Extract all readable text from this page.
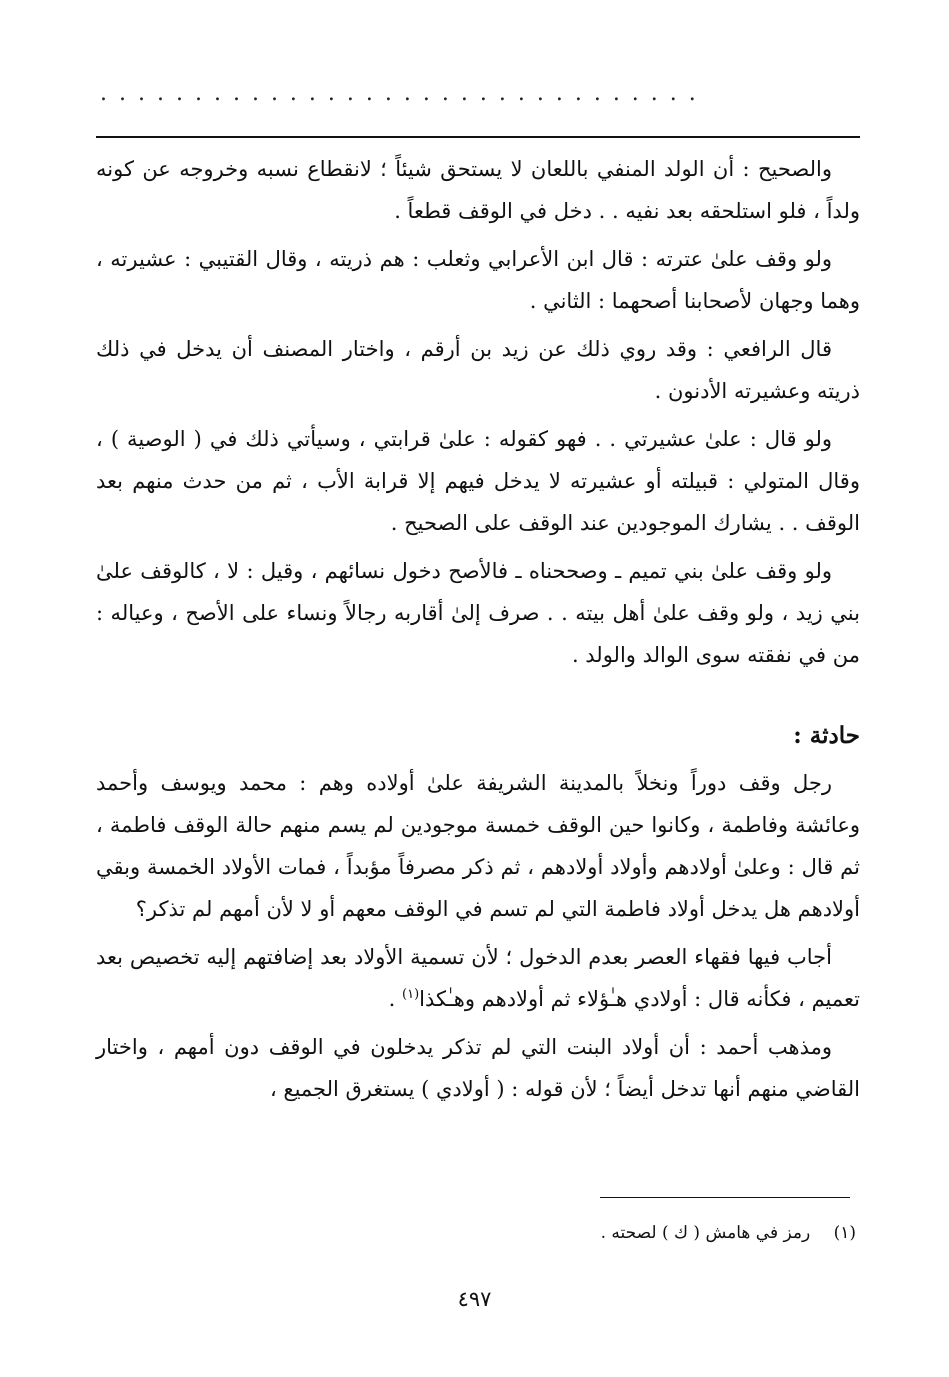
................................

والصحيح : أن الولد المنفي باللعان لا يستحق شيئاً ؛ لانقطاع نسبه وخروجه عن كونه ولداً ، فلو استلحقه بعد نفيه . . دخل في الوقف قطعاً .

ولو وقف علىٰ عترته : قال ابن الأعرابي وثعلب : هم ذريته ، وقال القتيبي : عشيرته ، وهما وجهان لأصحابنا أصحهما : الثاني .

قال الرافعي : وقد روي ذلك عن زيد بن أرقم ، واختار المصنف أن يدخل في ذلك ذريته وعشيرته الأدنون .

ولو قال : علىٰ عشيرتي . . فهو كقوله : علىٰ قرابتي ، وسيأتي ذلك في ( الوصية ) ، وقال المتولي : قبيلته أو عشيرته لا يدخل فيهم إلا قرابة الأب ، ثم من حدث منهم بعد الوقف . . يشارك الموجودين عند الوقف على الصحيح .

ولو وقف علىٰ بني تميم ـ وصححناه ـ فالأصح دخول نسائهم ، وقيل : لا ، كالوقف علىٰ بني زيد ، ولو وقف علىٰ أهل بيته . . صرف إلىٰ أقاربه رجالاً ونساء على الأصح ، وعياله : من في نفقته سوى الوالد والولد .

حادثة :

رجل وقف دوراً ونخلاً بالمدينة الشريفة علىٰ أولاده وهم : محمد ويوسف وأحمد وعائشة وفاطمة ، وكانوا حين الوقف خمسة موجودين لم يسم منهم حالة الوقف فاطمة ، ثم قال : وعلىٰ أولادهم وأولاد أولادهم ، ثم ذكر مصرفاً مؤبداً ، فمات الأولاد الخمسة وبقي أولادهم هل يدخل أولاد فاطمة التي لم تسم في الوقف معهم أو لا لأن أمهم لم تذكر؟

أجاب فيها فقهاء العصر بعدم الدخول ؛ لأن تسمية الأولاد بعد إضافتهم إليه تخصيص بعد تعميم ، فكأنه قال : أولادي هـٰؤلاء ثم أولادهم وهـٰكذا$^{(١)}$ .

ومذهب أحمد : أن أولاد البنت التي لم تذكر يدخلون في الوقف دون أمهم ، واختار القاضي منهم أنها تدخل أيضاً ؛ لأن قوله : ( أولادي ) يستغرق الجميع ،

(١) رمز في هامش ( ك ) لصحته .
٤٩٧
